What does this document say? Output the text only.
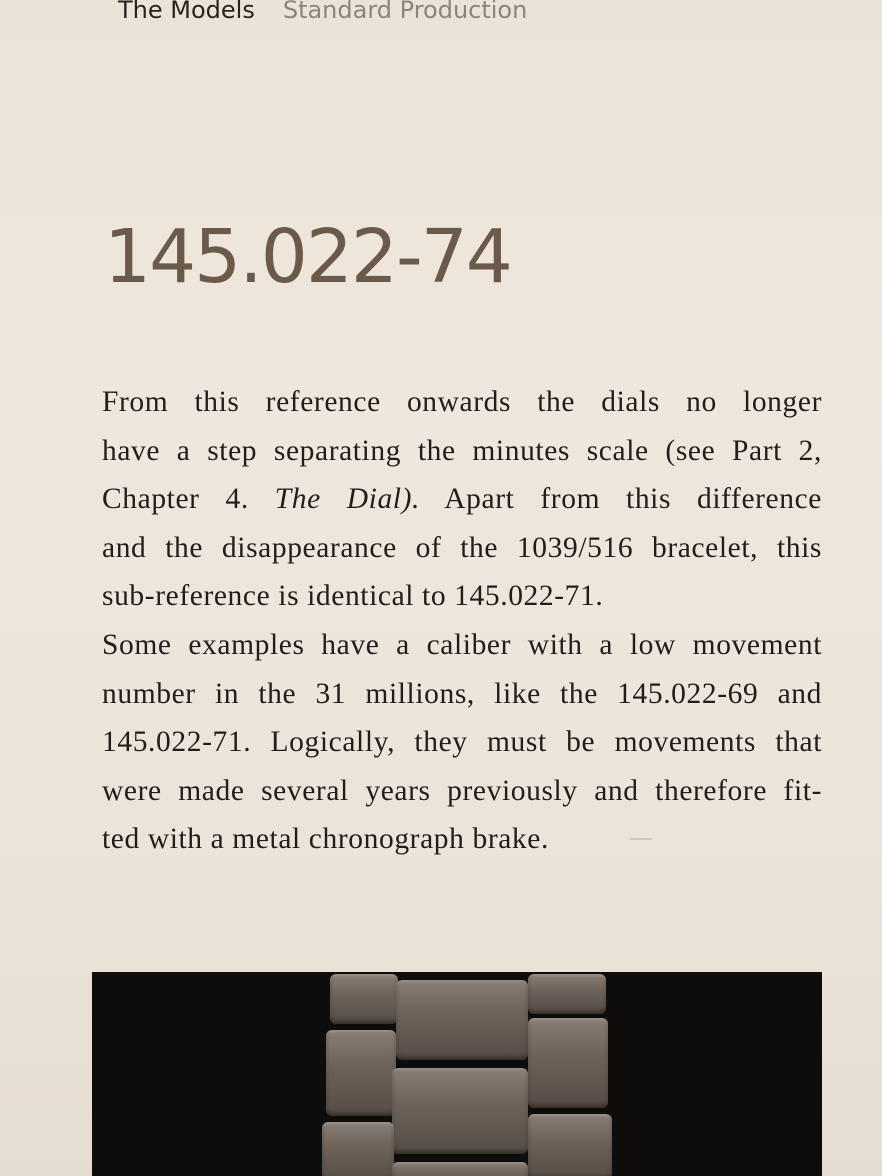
The Models Standard Production
145.022-74
From this reference onwards the dials no longer
have a step separating the minutes scale (see Part 2,
Chapter 4. The Dial). Apart from this difference
and the disappearance of the 1039/516 bracelet, this
sub-reference is identical to 145.022-71.
Some examples have a caliber with a low movement
number in the 31 millions, like the 145.022-69 and
145.022-71. Logically, they must be movements that
were made several years previously and therefore fit-
ted with a metal chronograph brake.
